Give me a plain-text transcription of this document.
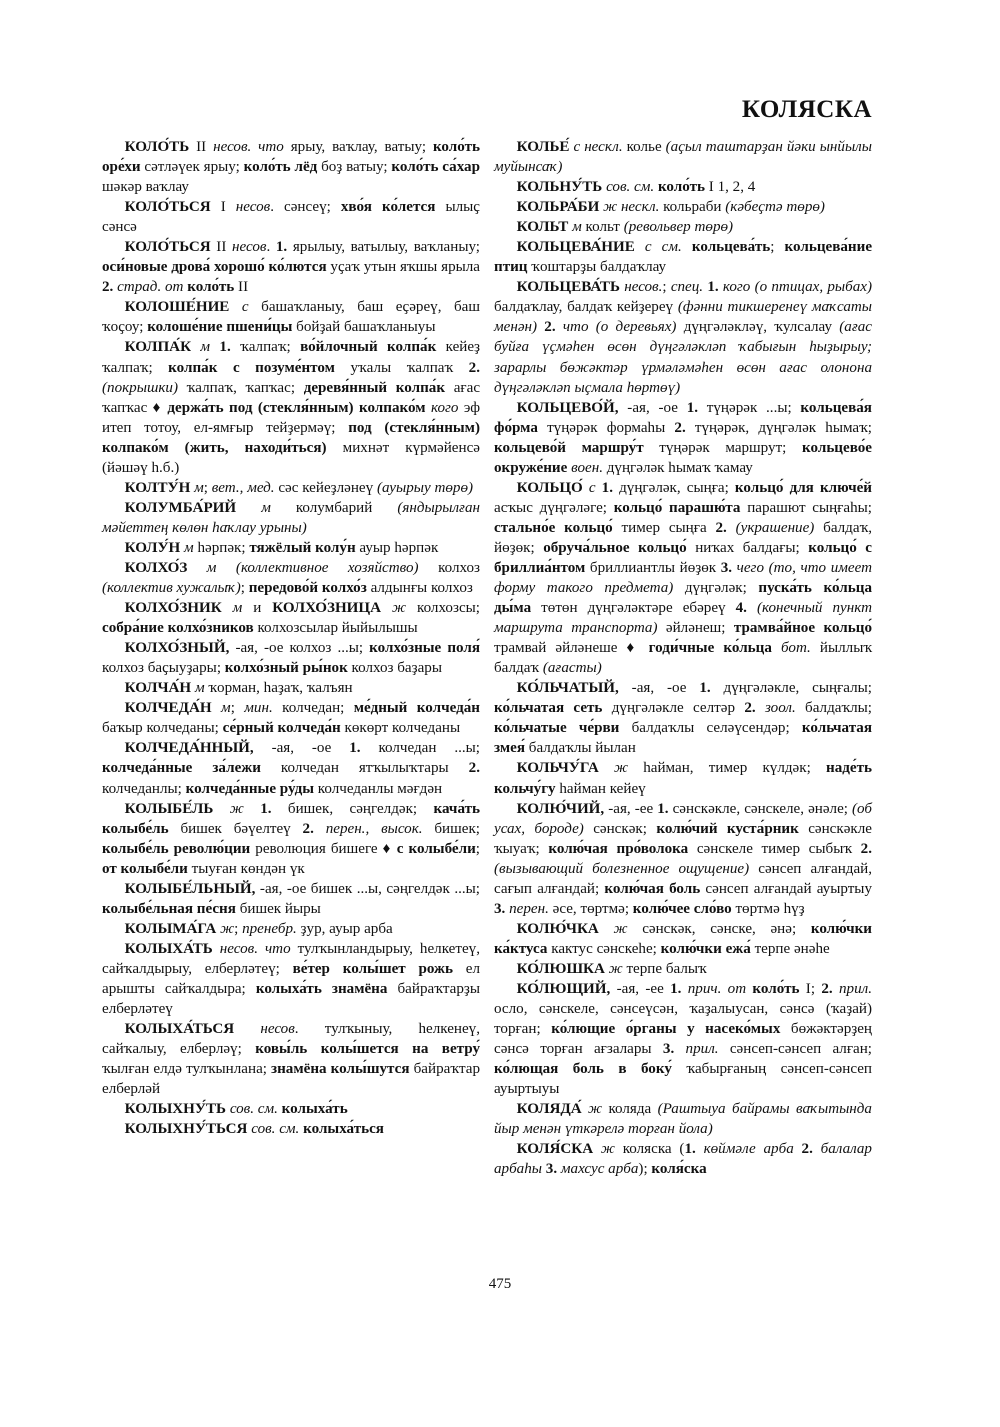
КОЛЯСКА

КОЛО́ТЬ II несов. что ярыу, ваҡлау, ватыу; коло́ть оре́хи сәтләүек ярыу; коло́ть лёд боҙ ватыу; коло́ть са́хар шәкәр ваҡлау

КОЛО́ТЬСЯ I несов. сәнсеү; хво́я ко́лется ылыҫ сәнсә

КОЛО́ТЬСЯ II несов. 1. ярылыу, ватылыу, ваҡланыу; оси́новые дрова́ хорошо́ ко́лются уҫаҡ утын яҡшы ярыла 2. страд. от коло́ть II

КОЛОШЕ́НИЕ с башаҡланыу, баш еҫәреү, баш ҡоҫоу; колоше́ние пшени́цы бойҙай башаҡланыуы

КОЛПА́К м 1. ҡалпаҡ; во́йлочный колпа́к кейеҙ ҡалпаҡ; колпа́к с позуме́нтом уҡалы ҡалпаҡ 2. (покрышки) ҡалпаҡ, ҡапҡас; деревя́нный колпа́к ағас ҡапҡас ♦ держа́ть под (стекля́нным) колпако́м кого эф итеп тотоу, ел-ямғыр тейҙермәү; под (стекля́нным) колпако́м (жить, находи́ться) михнәт күрмәйенсә (йәшәү һ.б.)

КОЛТУ́Н м; вет., мед. сәс кейеҙләнеү (ауырыу төрө)

КОЛУМБА́РИЙ м колумбарий (яндырылған мәйеттең көлөн һаҡлау урыны)

КОЛУ́Н м һәрпәк; тяжёлый колу́н ауыр һәрпәк

КОЛХО́З м (коллективное хозяйство) колхоз (коллектив хужалыҡ); передово́й колхо́з алдынғы колхоз

КОЛХО́ЗНИК м и КОЛХО́ЗНИЦА ж колхозсы; собра́ние колхо́зников колхозсылар йыйылышы

КОЛХО́ЗНЫЙ, -ая, -ое колхоз ...ы; колхо́зные поля́ колхоз баҫыуҙары; колхо́зный ры́нок колхоз баҙары

КОЛЧА́Н м ҡорман, һаҙаҡ, ҡалъян

КОЛЧЕДА́Н м; мин. колчедан; ме́дный колчеда́н баҡыр колчеданы; се́рный колчеда́н көкөрт колчеданы

КОЛЧЕДА́ННЫЙ, -ая, -ое 1. колчедан ...ы; колчеда́нные за́лежи колчедан ятҡылыҡтары 2. колчеданлы; колчеда́нные ру́ды колчеданлы мәғдән

КОЛЫБЕ́ЛЬ ж 1. бишек, сәңгелдәк; кача́ть колыбе́ль бишек бәүелтеү 2. перен., высок. бишек; колыбе́ль револю́ции революция бишеге ♦ с колыбе́ли; от колыбе́ли тыуған көндән үк

КОЛЫБЕ́ЛЬНЫЙ, -ая, -ое бишек ...ы, сәңгелдәк ...ы; колыбе́льная пе́сня бишек йыры

КОЛЫМА́ГА ж; пренебр. ҙур, ауыр арба

КОЛЫХА́ТЬ несов. что тулҡынландырыу, һелкетеү, сайҡалдырыу, елберләтеү; ве́тер колы́шет рожь ел арышты сайҡалдыра; колыха́ть знамёна байраҡтарҙы елберләтеү

КОЛЫХА́ТЬСЯ несов. тулҡыныу, һелкенеү, сайҡалыу, елберләү; ковы́ль колы́шется на ветру́ ҡылған елдә тулҡынлана; знамёна колы́шутся байраҡтар елберләй

КОЛЫХНУ́ТЬ сов. см. колыха́ть

КОЛЫХНУ́ТЬСЯ сов. см. колыха́ться

КОЛЬЕ́ с нескл. колье (аҫыл таштарҙан йәки ынйылы муйынсаҡ)

КОЛЬНУ́ТЬ сов. см. коло́ть I 1, 2, 4

КОЛЬРА́БИ ж нескл. кольраби (кәбеҫтә төрө)

КОЛЬТ м кольт (револьвер төрө)

КОЛЬЦЕВА́НИЕ с см. кольцева́ть; кольцева́ние птиц ҡоштарҙы балдаҡлау

КОЛЬЦЕВА́ТЬ несов.; спец. 1. кого (о птицах, рыбах) балдаҡлау, балдаҡ кейҙереү (фәнни тикшеренеү маҡсаты менән) 2. что (о деревьях) дүңгәләкләү, ҡулсалау (ағас буйға үҫмәһен өсөн дүңгәләкләп ҡабығын һыҙырыу; зарарлы бөжәктәр үрмәләмәһен өсөн ағас олонона дүңгәләкләп ыҫмала һөртөү)

КОЛЬЦЕВО́Й, -ая, -ое 1. түңәрәк ...ы; кольцева́я фо́рма түңәрәк формаһы 2. түңәрәк, дүңгәләк һымаҡ; кольцево́й маршру́т түңәрәк маршрут; кольцево́е окруже́ние воен. дүңгәләк һымаҡ ҡамау

КОЛЬЦО́ с 1. дүңгәләк, сыңға; кольцо́ для ключе́й асҡыс дүңгәләге; кольцо́ парашю́та парашют сыңғаһы; стально́е кольцо́ тимер сыңға 2. (украшение) балдаҡ, йөҙөк; обруча́льное кольцо́ ниҡах балдағы; кольцо́ с бриллиа́нтом бриллиантлы йөҙөк 3. чего (то, что имеет форму такого предмета) дүңгәләк; пуска́ть ко́льца ды́ма төтөн дүңгәләктәре ебәреү 4. (конечный пункт маршрута транспорта) әйләнеш; трамва́йное кольцо́ трамвай әйләнеше ♦ годи́чные ко́льца бот. йыллыҡ балдаҡ (ағасты)

КО́ЛЬЧАТЫЙ, -ая, -ое 1. дүңгәләкле, сыңғалы; ко́льчатая сеть дүңгәләкле селтәр 2. зоол. балдаҡлы; ко́льчатые че́рви балдаҡлы селәүсендәр; ко́льчатая змея́ балдаҡлы йылан

КОЛЬЧУ́ГА ж һайман, тимер күлдәк; наде́ть кольчу́гу һайман кейеү

КОЛЮ́ЧИЙ, -ая, -ее 1. сәнскәкле, сәнскеле, әнәле; (об усах, бороде) сәнскәк; колю́чий куста́рник сәнскәкле ҡыуаҡ; колю́чая про́волока сәнскеле тимер сыбыҡ 2. (вызывающий болезненное ощущение) сәнсеп алғандай, сағып алғандай; колю́чая боль сәнсеп алғандай ауыртыу 3. перен. әсе, төртмә; колю́чее сло́во төртмә һүҙ

КОЛЮ́ЧКА ж сәнскәк, сәнске, әнә; колю́чки ка́ктуса кактус сәнскеһе; колю́чки ежа́ терпе әнәһе

КО́ЛЮШКА ж терпе балыҡ

КО́ЛЮЩИЙ, -ая, -ее 1. прич. от коло́ть I; 2. прил. осло, сәнскеле, сәнсеүсән, ҡаҙалыусан, сәнсә (ҡаҙай) торған; ко́лющие о́рганы у насеко́мых бөжәктәрҙең сәнсә торған ағзалары 3. прил. сәнсеп-сәнсеп алған; ко́лющая боль в боку́ ҡабырғаның сәнсеп-сәнсеп ауыртыуы

КОЛЯДА́ ж коляда (Раштыуа байрамы ваҡытында йыр менән үткәрелә торған йола)

КОЛЯ́СКА ж коляска (1. көймәле арба 2. балалар арбаһы 3. махсус арба); коля́ска

475
